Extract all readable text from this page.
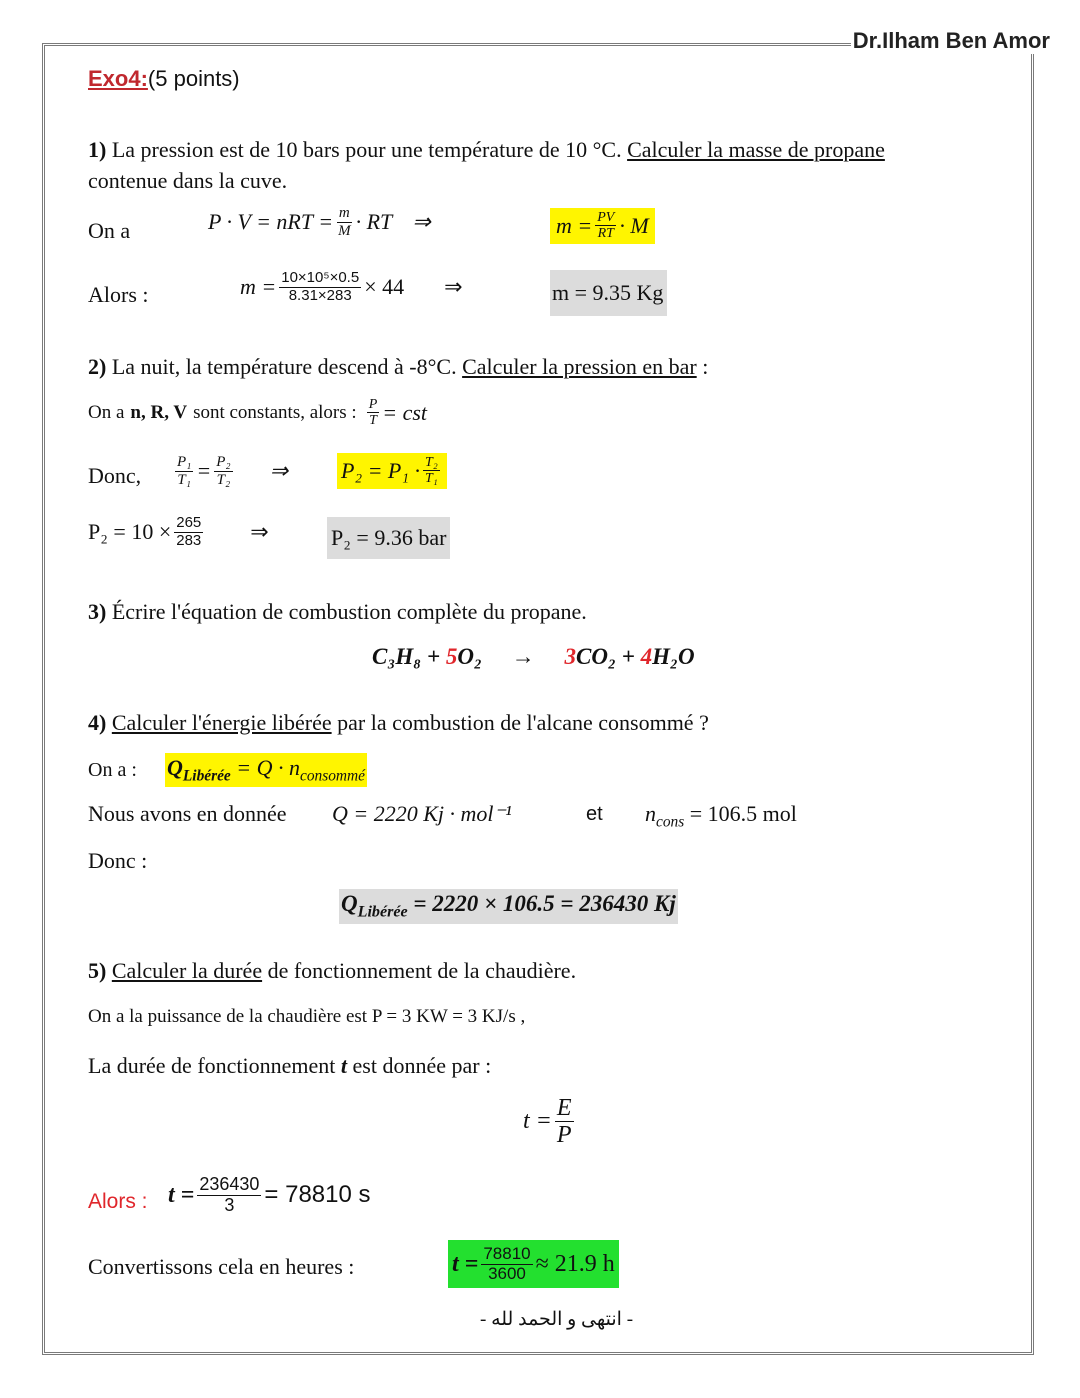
Dr.Ilham Ben Amor
Exo4:(5 points)
1) La pression est de 10 bars pour une température de 10 °C. Calculer la masse de propane
contenue dans la cuve.
On a	P · V = nRT = $\frac{m}{M}$ · RT ⇒	$m = \frac{PV}{RT} \cdot M$
Alors :	$m = \frac{\text{10×10⁵×0.5}}{8.31\times 283} \times 44$ ⇒	m = 9.35 Kg
2) La nuit, la température descend à -8°C. Calculer la pression en bar :
On a n, R, V sont constants, alors : $\frac{P}{T}$ = cst
Donc, $\frac{\text{P₁}}{\text{T₁}} = \frac{\text{P₂}}{\text{T₂}}$ ⇒ $P_2 = P_1 \cdot \frac{\text{T₂}}{\text{T₁}}$
$P_2 = 10 \times \frac{265}{283}$ ⇒	P₂ = 9.36 bar
3) Écrire l'équation de combustion complète du propane.
C₃H₈ + 5O₂ → 3CO₂ + 4H₂O
4) Calculer l'énergie libérée par la combustion de l'alcane consommé ?
On a : $Q_{Libérée} = Q \cdot n_{consommé}$
Nous avons en donnée Q = 2220 Kj · mol⁻¹	et $n_{cons} = 106.5$ mol
Donc :
$Q_{Libérée} = 2220 \times 106.5 = 236430$ Kj
5) Calculer la durée de fonctionnement de la chaudière.
On a la puissance de la chaudière est P = 3 KW = 3 KJ/s ,
La durée de fonctionnement t est donnée par :
$t = \frac{E}{P}$
Alors : $t = \frac{236430}{3} = 78810$ s
Convertissons cela en heures :	$t = \frac{78810}{3600} \approx 21.9$ h
- انتهى و الحمد لله -
